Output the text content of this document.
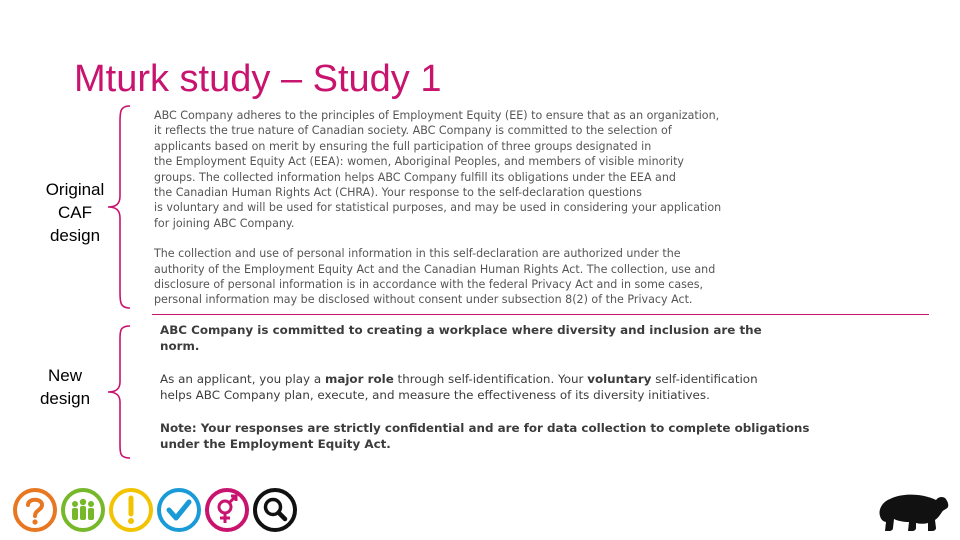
Mturk study – Study 1
Original
CAF
design

ABC Company adheres to the principles of Employment Equity (EE) to ensure that as an organization,
it reflects the true nature of Canadian society. ABC Company is committed to the selection of
applicants based on merit by ensuring the full participation of three groups designated in
the Employment Equity Act (EEA): women, Aboriginal Peoples, and members of visible minority
groups. The collected information helps ABC Company fulfill its obligations under the EEA and
the Canadian Human Rights Act (CHRA). Your response to the self-declaration questions
is voluntary and will be used for statistical purposes, and may be used in considering your application
for joining ABC Company.

The collection and use of personal information in this self-declaration are authorized under the
authority of the Employment Equity Act and the Canadian Human Rights Act. The collection, use and
disclosure of personal information is in accordance with the federal Privacy Act and in some cases,
personal information may be disclosed without consent under subsection 8(2) of the Privacy Act.

New
design

ABC Company is committed to creating a workplace where diversity and inclusion are the
norm.

As an applicant, you play a major role through self-identification. Your voluntary self-identification
helps ABC Company plan, execute, and measure the effectiveness of its diversity initiatives.

Note: Your responses are strictly confidential and are for data collection to complete obligations
under the Employment Equity Act.
